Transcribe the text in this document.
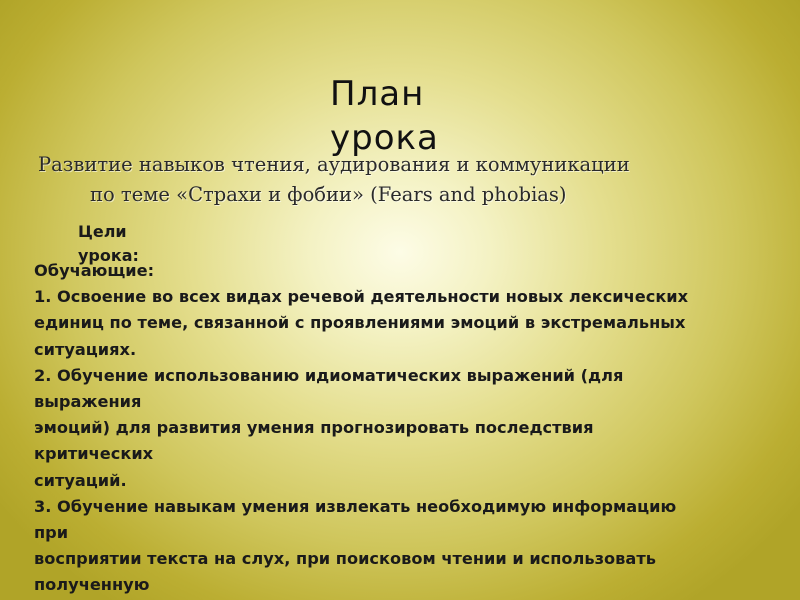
План урока
Развитие навыков чтения, аудирования и коммуникации
по теме «Страхи и фобии» (Fears and phobias)
Цели урока:
Обучающие:
1. Освоение во всех видах речевой деятельности новых лексических
единиц по теме, связанной с проявлениями эмоций в экстремальных
ситуациях.
2. Обучение использованию идиоматических выражений (для
выражения
эмоций) для развития умения прогнозировать последствия
критических
ситуаций.
3. Обучение навыкам умения извлекать необходимую информацию
при
восприятии текста на слух, при поисковом чтении и использовать
полученную
